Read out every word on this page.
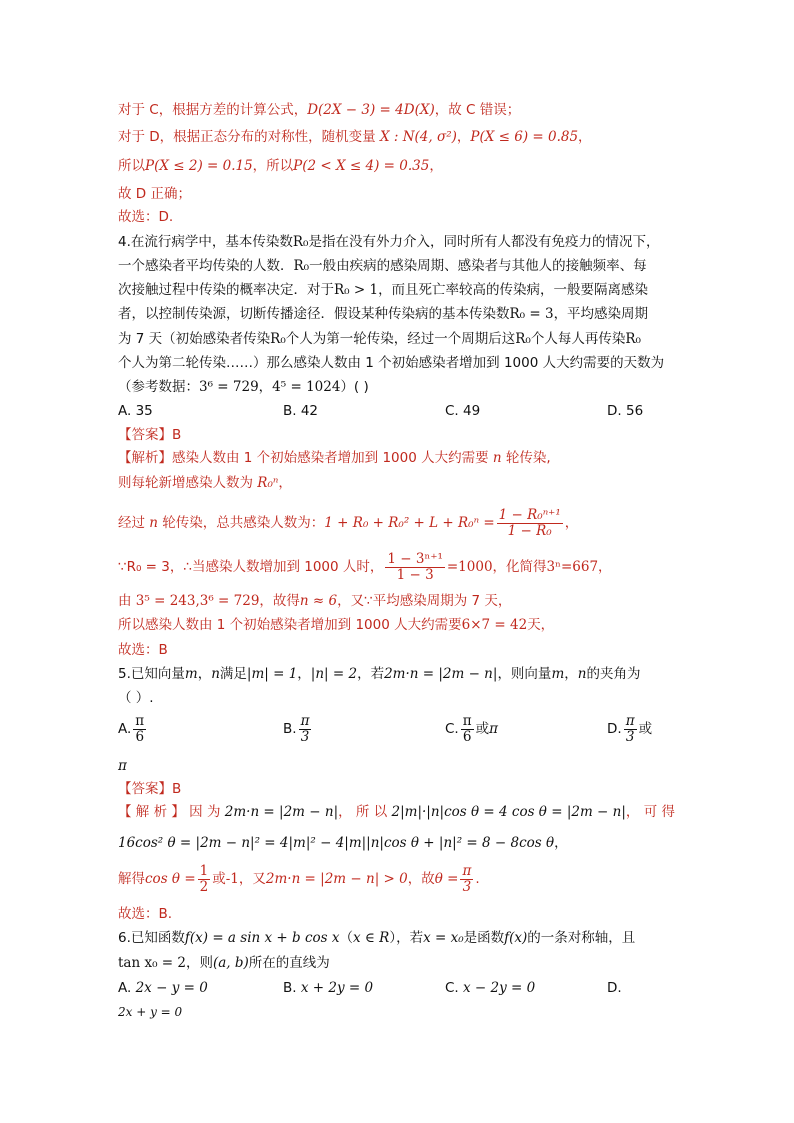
对于 C，根据方差的计算公式，D(2X − 3) = 4D(X)，故 C 错误；
对于 D，根据正态分布的对称性，随机变量 X : N(4, σ²)，P(X ≤ 6) = 0.85，
所以P(X ≤ 2) = 0.15，所以P(2 < X ≤ 4) = 0.35，
故 D 正确；
故选：D.
4.在流行病学中，基本传染数R₀是指在没有外力介入，同时所有人都没有免疫力的情况下，
一个感染者平均传染的人数．R₀一般由疾病的感染周期、感染者与其他人的接触频率、每
次接触过程中传染的概率决定．对于R₀ > 1，而且死亡率较高的传染病，一般要隔离感染
者，以控制传染源，切断传播途径．假设某种传染病的基本传染数R₀ = 3，平均感染周期
为 7 天（初始感染者传染R₀个人为第一轮传染，经过一个周期后这R₀个人每人再传染R₀
个人为第二轮传染……）那么感染人数由 1 个初始感染者增加到 1000 人大约需要的天数为
（参考数据：3⁶ = 729，4⁵ = 1024）( )
A. 35	B. 42	C. 49	D. 56
【答案】B
【解析】感染人数由 1 个初始感染者增加到 1000 人大约需要 n 轮传染,
则每轮新增感染人数为 R₀ⁿ，
经过 n 轮传染，总共感染人数为：$1 + R_0 + R_0^2 + L + R_0^n = \frac{\text{1 − R₀ⁿ⁺¹}}{\text{1 − R₀}}$ ，
∵R₀ = 3，∴当感染人数增加到 1000 人时， $\frac{\text{1 − 3ⁿ⁺¹}}{1 - 3} =1000$，化简得3ⁿ=667，
由 3⁵ = 243,3⁶ = 729，故得n ≈ 6，又∵平均感染周期为 7 天，
所以感染人数由 1 个初始感染者增加到 1000 人大约需要6×7 = 42天，
故选：B
5.已知向量m，n满足|m| = 1，|n| = 2，若2m·n = |2m − n|，则向量m，n的夹角为
（ ）.
A. $\frac{\pi}{6}$	B. $\frac{\pi}{3}$	C. $\frac{\pi}{6}$ 或π	D. $\frac{\pi}{3}$ 或
π
【答案】B
【 解 析 】 因 为 2m·n = |2m − n|， 所 以 2|m|·|n|cos θ = 4 cos θ = |2m − n|， 可 得
16cos² θ = |2m − n|² = 4|m|² − 4|m||n|cos θ + |n|² = 8 − 8cos θ，
解得$\cos \theta = \frac{1}{2}$ 或-1，又2m·n = |2m − n| > 0，故$\theta = \frac{\pi}{3}$ .
故选：B.
6.已知函数f(x) = a sin x + b cos x（x ∈ R），若x = x₀是函数f(x)的一条对称轴，且
tan x₀ = 2，则(a, b)所在的直线为
A. 2x − y = 0	B. x + 2y = 0	C. x − 2y = 0	D.
2x + y = 0
